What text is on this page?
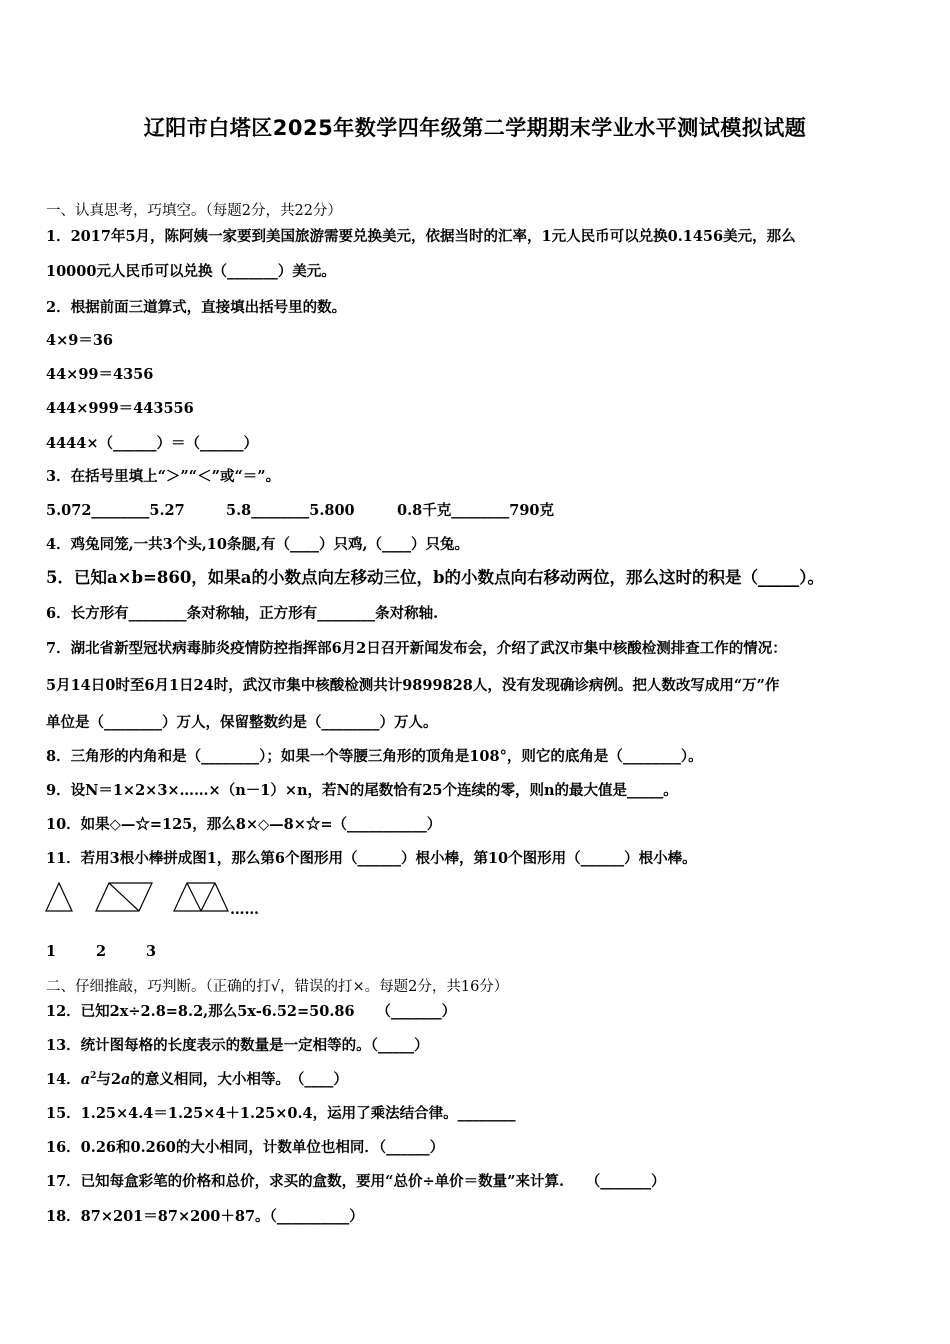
辽阳市白塔区2025年数学四年级第二学期期末学业水平测试模拟试题
一、认真思考，巧填空。（每题2分，共22分）
1．2017年5月，陈阿姨一家要到美国旅游需要兑换美元，依据当时的汇率，1元人民币可以兑换0.1456美元，那么
10000元人民币可以兑换（_______）美元。
2．根据前面三道算式，直接填出括号里的数。
4×9＝36
44×99＝4356
444×999＝443556
4444×（______）＝（______）
3．在括号里填上“＞”“＜”或“＝”。
5.072________5.27	5.8________5.800	0.8千克________790克
4．鸡兔同笼,一共3个头,10条腿,有（____）只鸡,（____）只兔。
5．已知a×b=860，如果a的小数点向左移动三位，b的小数点向右移动两位，那么这时的积是（_____）。
6．长方形有________条对称轴，正方形有________条对称轴.
7．湖北省新型冠状病毒肺炎疫情防控指挥部6月2日召开新闻发布会，介绍了武汉市集中核酸检测排查工作的情况：
5月14日0时至6月1日24时，武汉市集中核酸检测共计9899828人，没有发现确诊病例。把人数改写成用“万”作
单位是（________）万人，保留整数约是（________）万人。
8．三角形的内角和是（________）；如果一个等腰三角形的顶角是108°，则它的底角是（________）。
9．设N＝1×2×3×……×（n－1）×n，若N的尾数恰有25个连续的零，则n的最大值是_____。
10．如果◇—☆=125，那么8×◇—8×☆=（___________）
11．若用3根小棒拼成图1，那么第6个图形用（______）根小棒，第10个图形用（______）根小棒。
……
1	2	3
二、仔细推敲，巧判断。（正确的打√，错误的打×。每题2分，共16分）
12．已知2x÷2.8=8.2,那么5x-6.52=50.86　　（_______）
13．统计图每格的长度表示的数量是一定相等的。（_____）
14．$a^2$与2a的意义相同，大小相等。　（____）
15．1.25×4.4＝1.25×4＋1.25×0.4，运用了乘法结合律。________
16．0.26和0.260的大小相同，计数单位也相同．（______）
17．已知每盒彩笔的价格和总价，求买的盒数，要用“总价÷单价＝数量”来计算.　　（_______）
18．87×201＝87×200＋87。（__________）
